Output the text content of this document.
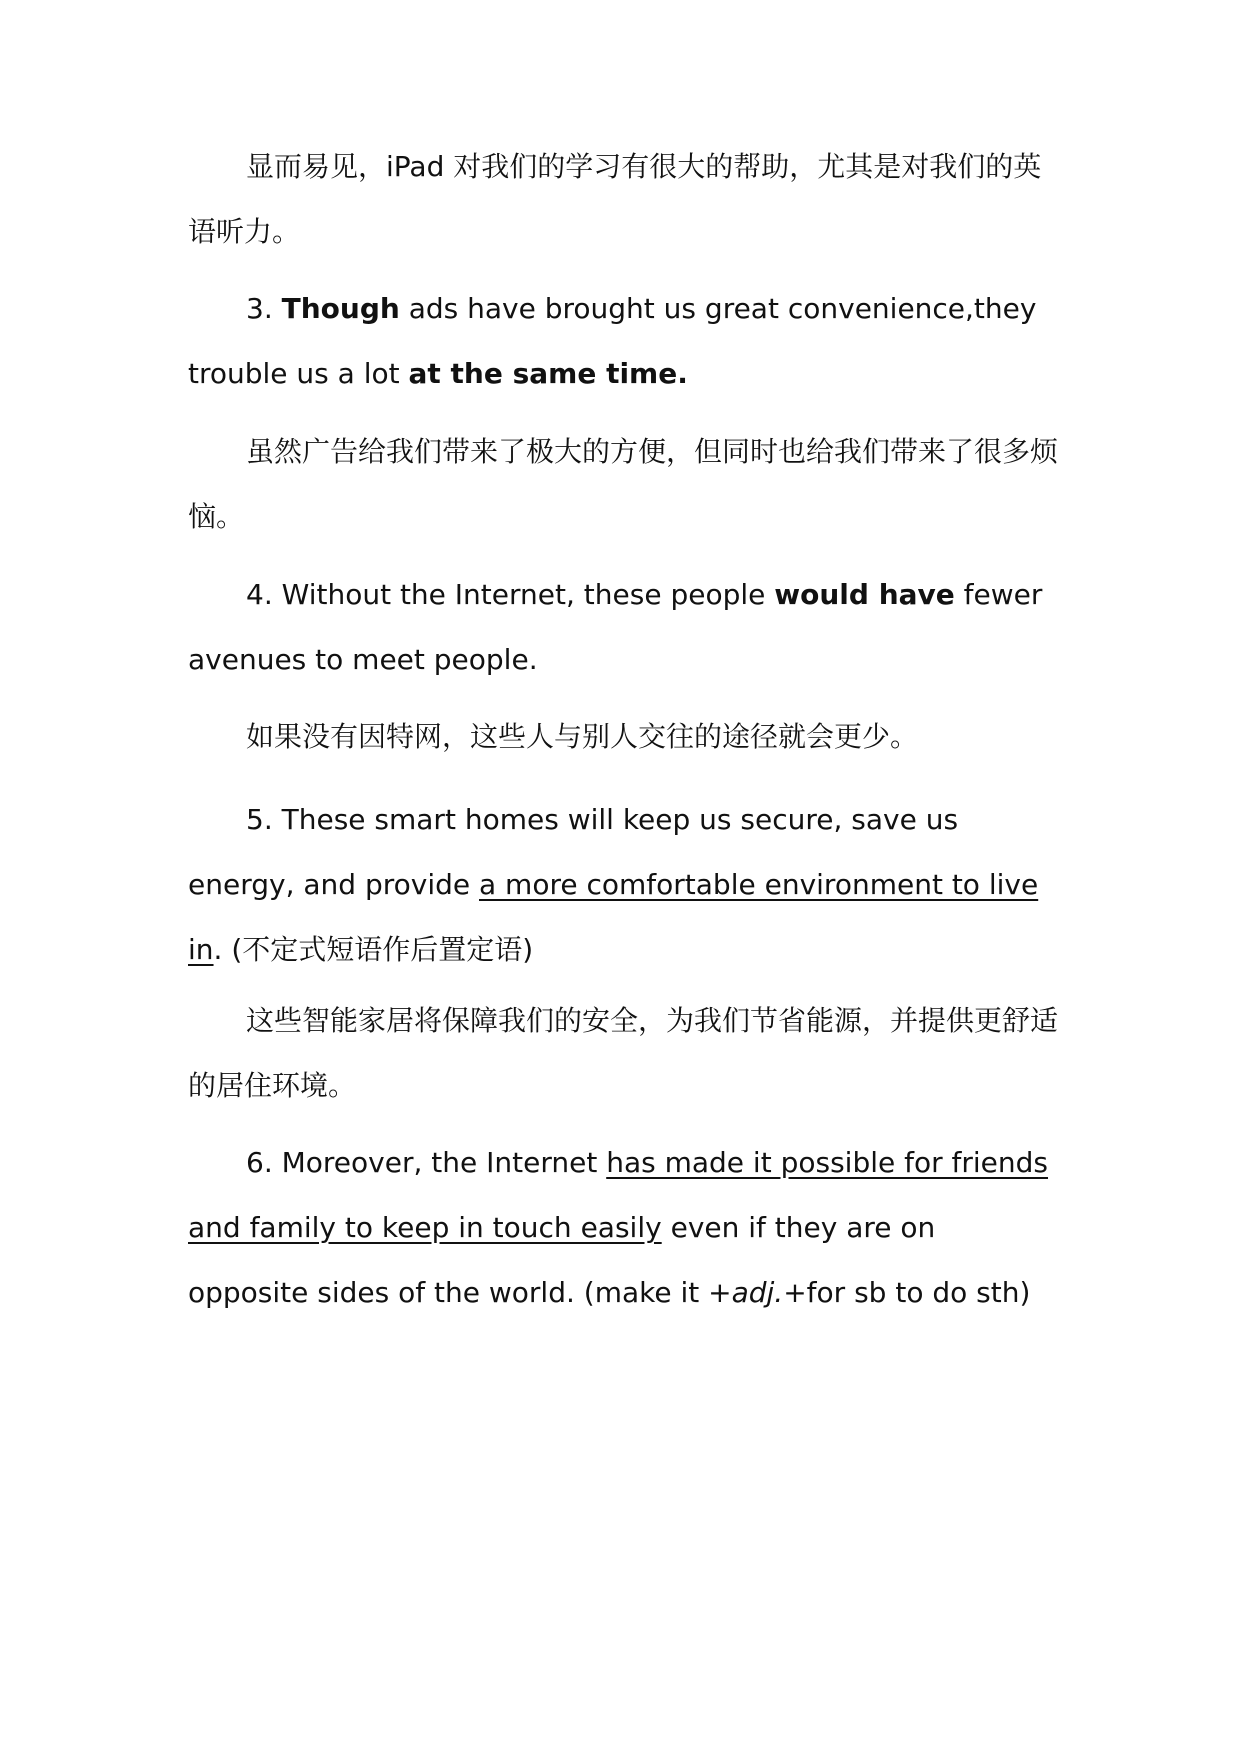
显而易见，iPad 对我们的学习有很大的帮助，尤其是对我们的英语听力。

3. Though ads have brought us great convenience,they trouble us a lot at the same time.

虽然广告给我们带来了极大的方便，但同时也给我们带来了很多烦恼。

4. Without the Internet, these people would have fewer avenues to meet people.

如果没有因特网，这些人与别人交往的途径就会更少。

5. These smart homes will keep us secure, save us energy, and provide a more comfortable environment to live in. (不定式短语作后置定语)

这些智能家居将保障我们的安全，为我们节省能源，并提供更舒适的居住环境。

6. Moreover, the Internet has made it possible for friends and family to keep in touch easily even if they are on opposite sides of the world. (make it +adj.+for sb to do sth)
